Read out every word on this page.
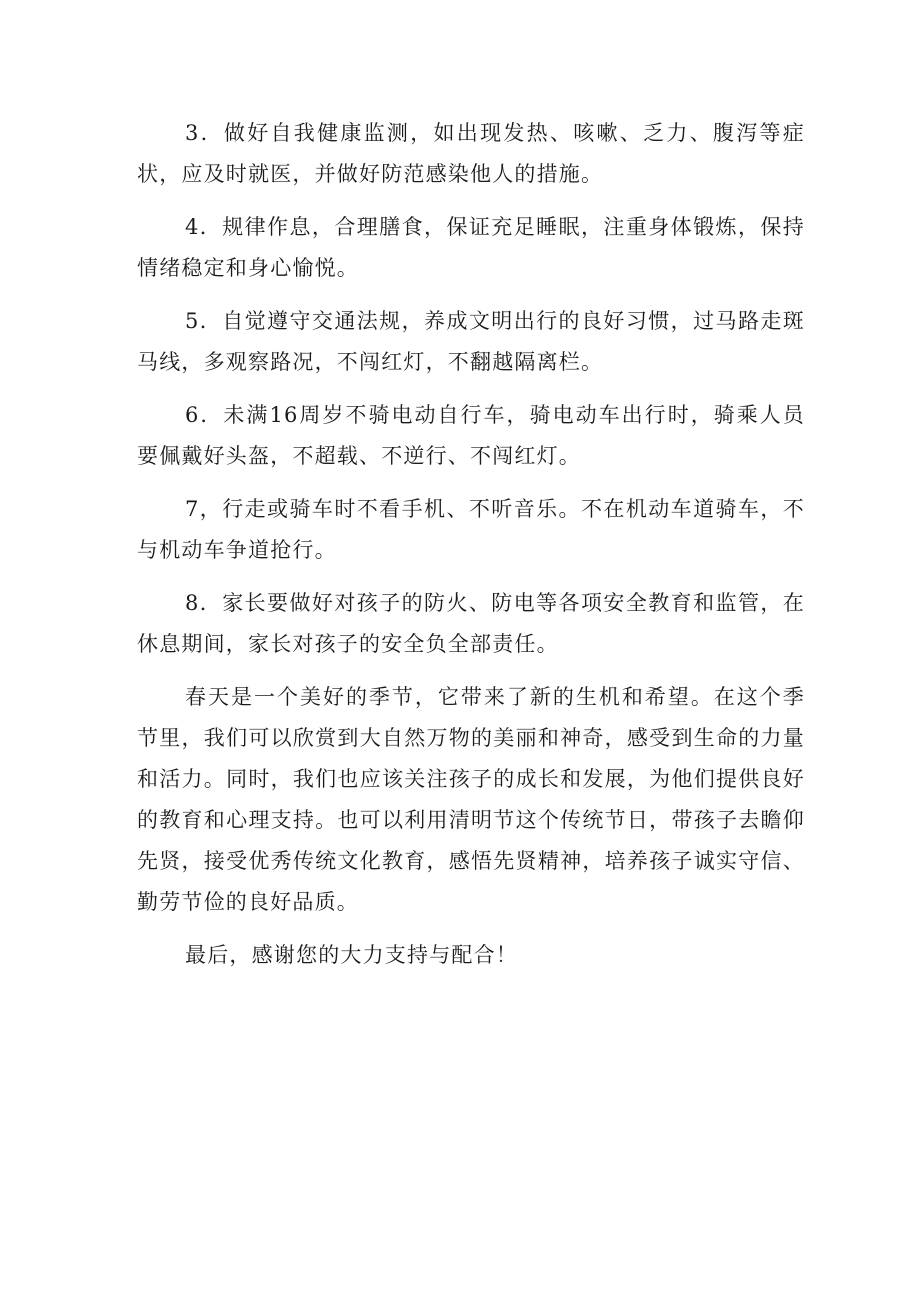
3．做好自我健康监测，如出现发热、咳嗽、乏力、腹泻等症状，应及时就医，并做好防范感染他人的措施。

4．规律作息，合理膳食，保证充足睡眠，注重身体锻炼，保持情绪稳定和身心愉悦。

5．自觉遵守交通法规，养成文明出行的良好习惯，过马路走斑马线，多观察路况，不闯红灯，不翻越隔离栏。

6．未满16周岁不骑电动自行车，骑电动车出行时，骑乘人员要佩戴好头盔，不超载、不逆行、不闯红灯。

7，行走或骑车时不看手机、不听音乐。不在机动车道骑车，不与机动车争道抢行。

8．家长要做好对孩子的防火、防电等各项安全教育和监管，在休息期间，家长对孩子的安全负全部责任。

春天是一个美好的季节，它带来了新的生机和希望。在这个季节里，我们可以欣赏到大自然万物的美丽和神奇，感受到生命的力量和活力。同时，我们也应该关注孩子的成长和发展，为他们提供良好的教育和心理支持。也可以利用清明节这个传统节日，带孩子去瞻仰先贤，接受优秀传统文化教育，感悟先贤精神，培养孩子诚实守信、勤劳节俭的良好品质。

最后，感谢您的大力支持与配合！
